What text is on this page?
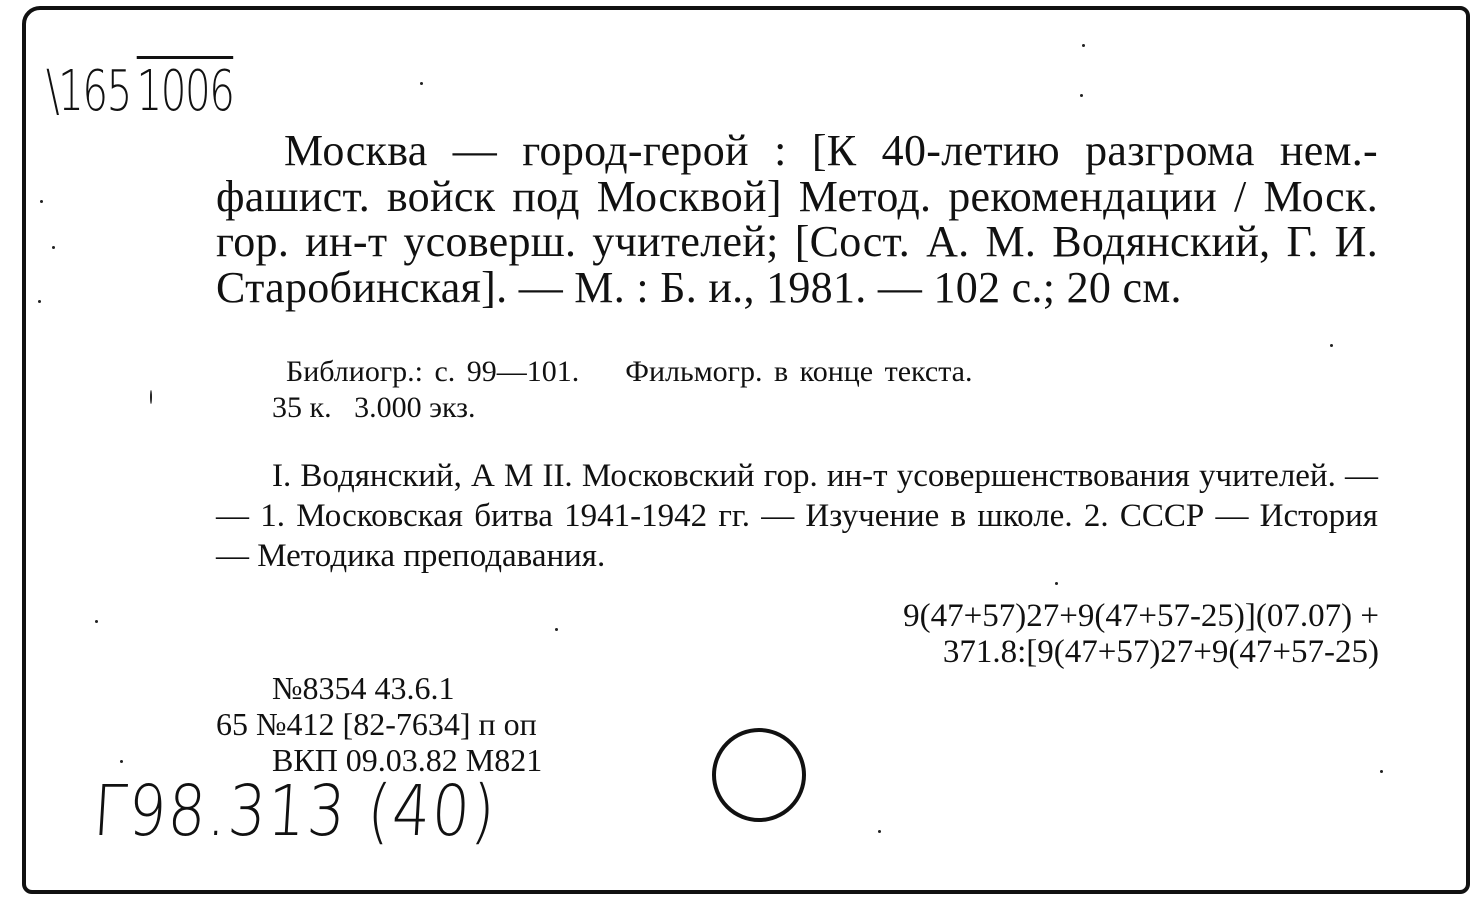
\165 1006
Москва — город-герой : [К 40-летию разгрома нем.-фашист. войск под Москвой] Метод. рекомендации / Моск. гор. ин-т усоверш. учителей; [Сост. А. М. Водянский, Г. И. Старобинская]. — М. : Б. и., 1981. — 102 с.; 20 см.
Библиогр.: с. 99—101. Фильмогр. в конце текста.
35 к. 3.000 экз.
I. Водянский, А М II. Московский гор. ин-т усовершенствования учителей. — — 1. Московская битва 1941-1942 гг. — Изучение в школе. 2. СССР — История — Методика преподавания.
9(47+57)27+9(47+57-25)](07.07) +
371.8:[9(47+57)27+9(47+57-25)
№8354 43.6.1
65 №412 [82-7634] п оп
ВКП 09.03.82 М821
Г98.313 (40)
